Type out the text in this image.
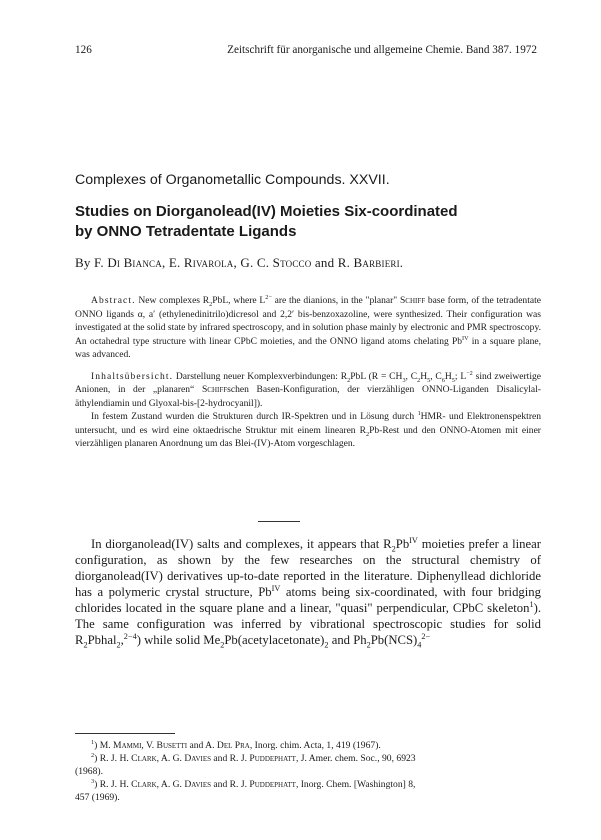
126	Zeitschrift für anorganische und allgemeine Chemie. Band 387. 1972
Complexes of Organometallic Compounds. XXVII.
Studies on Diorganolead(IV) Moieties Six-coordinated
by ONNO Tetradentate Ligands
By F. Di Bianca, E. Rivarola, G. C. Stocco and R. Barbieri.

Abstract. New complexes $R_2PbL$, where $L^{2-}$ are the dianions, in the "planar" Schiff base form, of the tetradentate ONNO ligands α, a′ (ethylenedinitrilo)dicresol and 2,2′ bis-benzoxazoline, were synthesized. Their configuration was investigated at the solid state by infrared spectroscopy, and in solution phase mainly by electronic and PMR spectroscopy. An octahedral type structure with linear CPbC moieties, and the ONNO ligand atoms chelating $Pb^{IV}$ in a square plane, was advanced.

Inhaltsübersicht. Darstellung neuer Komplexverbindungen: $R_2PbL$ ($R = CH_3$, $C_2H_5$, $C_6H_5$; $L^{-2}$ sind zweiwertige Anionen, in der „planaren“ Schiffschen Basen-Konfiguration, der vierzähligen ONNO-Liganden Disalicylal-äthylendiamin und Glyoxal-bis-[2-hydrocyanil]).

In festem Zustand wurden die Strukturen durch IR-Spektren und in Lösung durch $^1$HMR- und Elektronenspektren untersucht, und es wird eine oktaedrische Struktur mit einem linearen $R_2Pb$-Rest und den ONNO-Atomen mit einer vierzähligen planaren Anordnung um das Blei-(IV)-Atom vorgeschlagen.

In diorganolead(IV) salts and complexes, it appears that $R_2Pb^{IV}$ moieties prefer a linear configuration, as shown by the few researches on the structural chemistry of diorganolead(IV) derivatives up-to-date reported in the literature. Diphenyllead dichloride has a polymeric crystal structure, $Pb^{IV}$ atoms being six-coordinated, with four bridging chlorides located in the square plane and a linear, "quasi" perpendicular, CPbC skeleton$^1$). The same configuration was inferred by vibrational spectroscopic studies for solid $R_2Pbhal_2,^{2-4}$) while solid $Me_2Pb(acetylacetonate)_2$ and $Ph_2Pb(NCS)_4^{2-}$

$^1$) M. Mammi, V. Busetti and A. Del Pra, Inorg. chim. Acta, 1, 419 (1967).
$^2$) R. J. H. Clark, A. G. Davies and R. J. Puddephatt, J. Amer. chem. Soc., 90, 6923
(1968).
$^3$) R. J. H. Clark, A. G. Davies and R. J. Puddephatt, Inorg. Chem. [Washington] 8,
457 (1969).
